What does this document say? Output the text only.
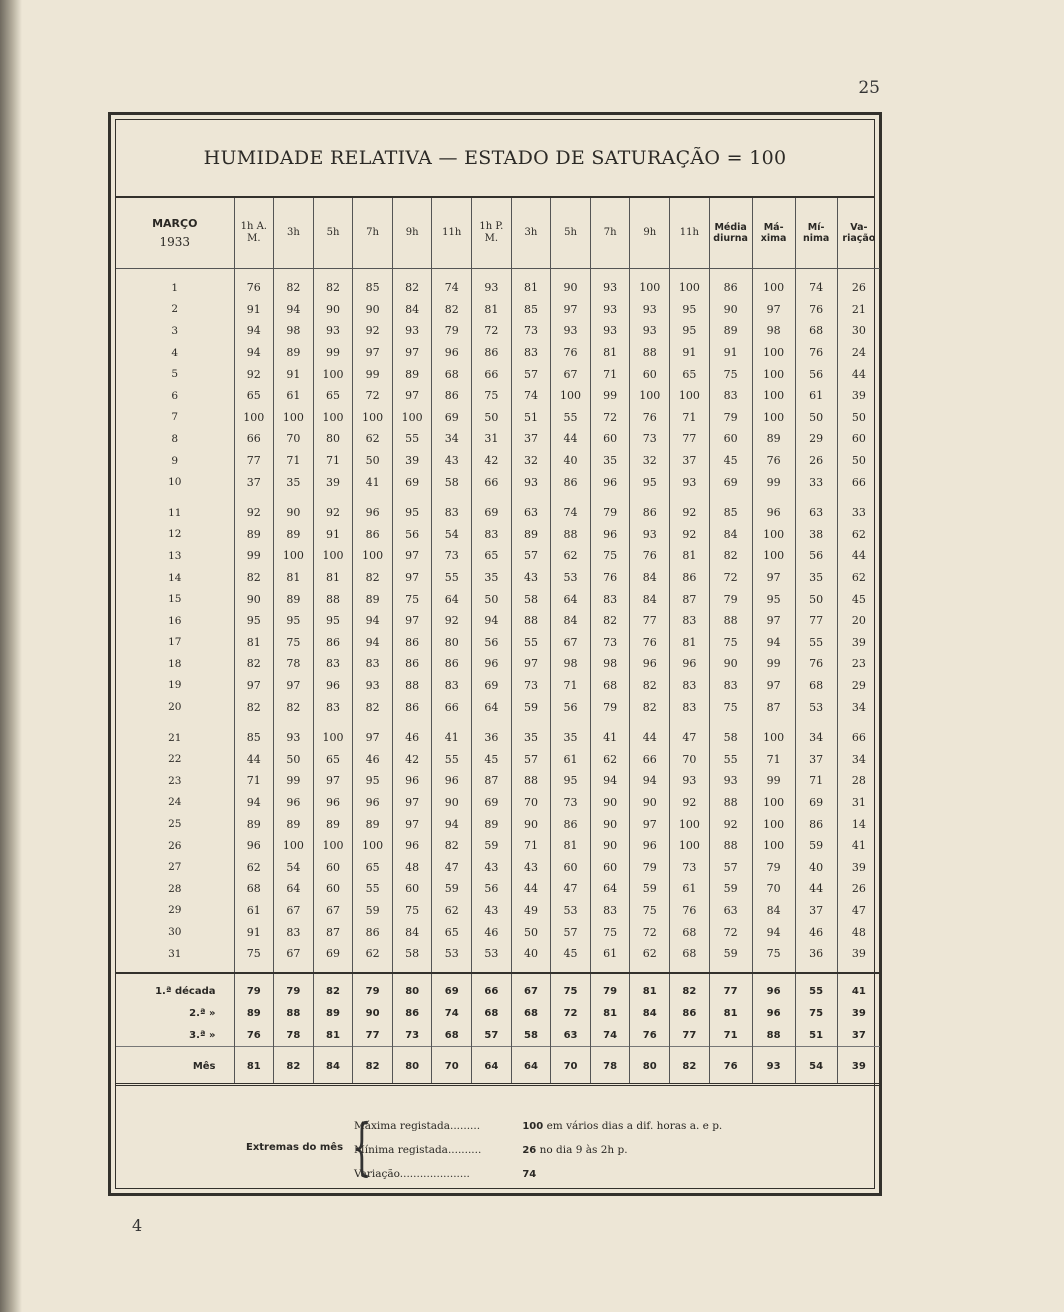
25
4
HUMIDADE RELATIVA — ESTADO DE SATURAÇÃO = 100
MARÇO
1933	1h A. M.	3h	5h	7h	9h	11h	1h P. M.	3h	5h	7h	9h	11h	Média diurna	Má- xima	Mí- nima	Va- riação
1	76	82	82	85	82	74	93	81	90	93	100	100	86	100	74	26
2	91	94	90	90	84	82	81	85	97	93	93	95	90	97	76	21
3	94	98	93	92	93	79	72	73	93	93	93	95	89	98	68	30
4	94	89	99	97	97	96	86	83	76	81	88	91	91	100	76	24
5	92	91	100	99	89	68	66	57	67	71	60	65	75	100	56	44
6	65	61	65	72	97	86	75	74	100	99	100	100	83	100	61	39
7	100	100	100	100	100	69	50	51	55	72	76	71	79	100	50	50
8	66	70	80	62	55	34	31	37	44	60	73	77	60	89	29	60
9	77	71	71	50	39	43	42	32	40	35	32	37	45	76	26	50
10	37	35	39	41	69	58	66	93	86	96	95	93	69	99	33	66
11	92	90	92	96	95	83	69	63	74	79	86	92	85	96	63	33
12	89	89	91	86	56	54	83	89	88	96	93	92	84	100	38	62
13	99	100	100	100	97	73	65	57	62	75	76	81	82	100	56	44
14	82	81	81	82	97	55	35	43	53	76	84	86	72	97	35	62
15	90	89	88	89	75	64	50	58	64	83	84	87	79	95	50	45
16	95	95	95	94	97	92	94	88	84	82	77	83	88	97	77	20
17	81	75	86	94	86	80	56	55	67	73	76	81	75	94	55	39
18	82	78	83	83	86	86	96	97	98	98	96	96	90	99	76	23
19	97	97	96	93	88	83	69	73	71	68	82	83	83	97	68	29
20	82	82	83	82	86	66	64	59	56	79	82	83	75	87	53	34
21	85	93	100	97	46	41	36	35	35	41	44	47	58	100	34	66
22	44	50	65	46	42	55	45	57	61	62	66	70	55	71	37	34
23	71	99	97	95	96	96	87	88	95	94	94	93	93	99	71	28
24	94	96	96	96	97	90	69	70	73	90	90	92	88	100	69	31
25	89	89	89	89	97	94	89	90	86	90	97	100	92	100	86	14
26	96	100	100	100	96	82	59	71	81	90	96	100	88	100	59	41
27	62	54	60	65	48	47	43	43	60	60	79	73	57	79	40	39
28	68	64	60	55	60	59	56	44	47	64	59	61	59	70	44	26
29	61	67	67	59	75	62	43	49	53	83	75	76	63	84	37	47
30	91	83	87	86	84	65	46	50	57	75	72	68	72	94	46	48
31	75	67	69	62	58	53	53	40	45	61	62	68	59	75	36	39
1.ª década	79	79	82	79	80	69	66	67	75	79	81	82	77	96	55	41
2.ª »	89	88	89	90	86	74	68	68	72	81	84	86	81	96	75	39
3.ª »	76	78	81	77	73	68	57	58	63	74	76	77	71	88	51	37
Mês	81	82	84	82	80	70	64	64	70	78	80	82	76	93	54	39
Extremas do mês {
Máxima registada.........	100 em vários dias a dif. horas a. e p.
Mínima registada..........	26 no dia 9 às 2h p.
Variação.....................	74
